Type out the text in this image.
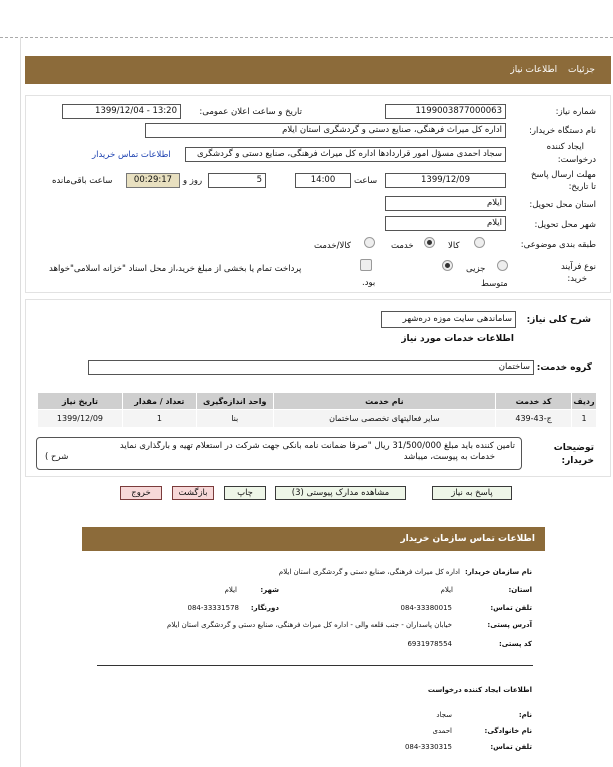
جزئیات اطلاعات نیاز
شماره نیاز:
1199003877000063
تاریخ و ساعت اعلان عمومی:
1399/12/04 - 13:20
نام دستگاه خریدار:
اداره کل میراث فرهنگی، صنایع دستی و گردشگری استان ایلام
ایجاد کننده
درخواست:
سجاد احمدی مسؤل امور قراردادها اداره کل میراث فرهنگی، صنایع دستی و گردشگری
اطلاعات تماس خریدار
مهلت ارسال پاسخ
تا تاریخ:
1399/12/09
ساعت
14:00
5
روز و
00:29:17
ساعت باقی‌مانده
استان محل تحویل:
ایلام
شهر محل تحویل:
ایلام
طبقه بندی موضوعی:
کالا
خدمت
کالا/خدمت
نوع فرآیند
خرید:
جزیی
متوسط
پرداخت تمام یا بخشی از مبلغ خرید،از محل اسناد "خزانه اسلامی"خواهد
بود.
شرح کلی نیاز:
ساماندهی سایت موزه دره‌شهر
اطلاعات خدمات مورد نیاز
گروه خدمت:
ساختمان
ردیف	کد خدمت	نام خدمت	واحد اندازه‌گیری	تعداد / مقدار	تاریخ نیاز
1	ج-43-439	سایر فعالیتهای تخصصی ساختمان	بنا	1	1399/12/09
توضیحات
خریدار:
تامین کننده باید مبلغ 31/500/000 ریال "صرفا ضمانت نامه بانکی جهت شرکت در استعلام تهیه و بارگذاری نماید
خدمات به پیوست، میباشد
شرح )
پاسخ به نیاز
مشاهده مدارک پیوستی (3)
چاپ
بازگشت
خروج
اطلاعات تماس سازمان خریدار
نام سازمان خریدار:
اداره کل میراث فرهنگی، صنایع دستی و گردشگری استان ایلام
استان:
ایلام
شهر:
ایلام
تلفن تماس:
084-33380015
دورنگار:
084-33331578
آدرس پستی:
خیابان پاسداران - جنب قلعه والی - اداره کل میراث فرهنگی، صنایع دستی و گردشگری استان ایلام
کد پستی:
6931978554
اطلاعات ایجاد کننده درخواست
نام:
سجاد
نام خانوادگی:
احمدی
تلفن تماس:
084-3330315
